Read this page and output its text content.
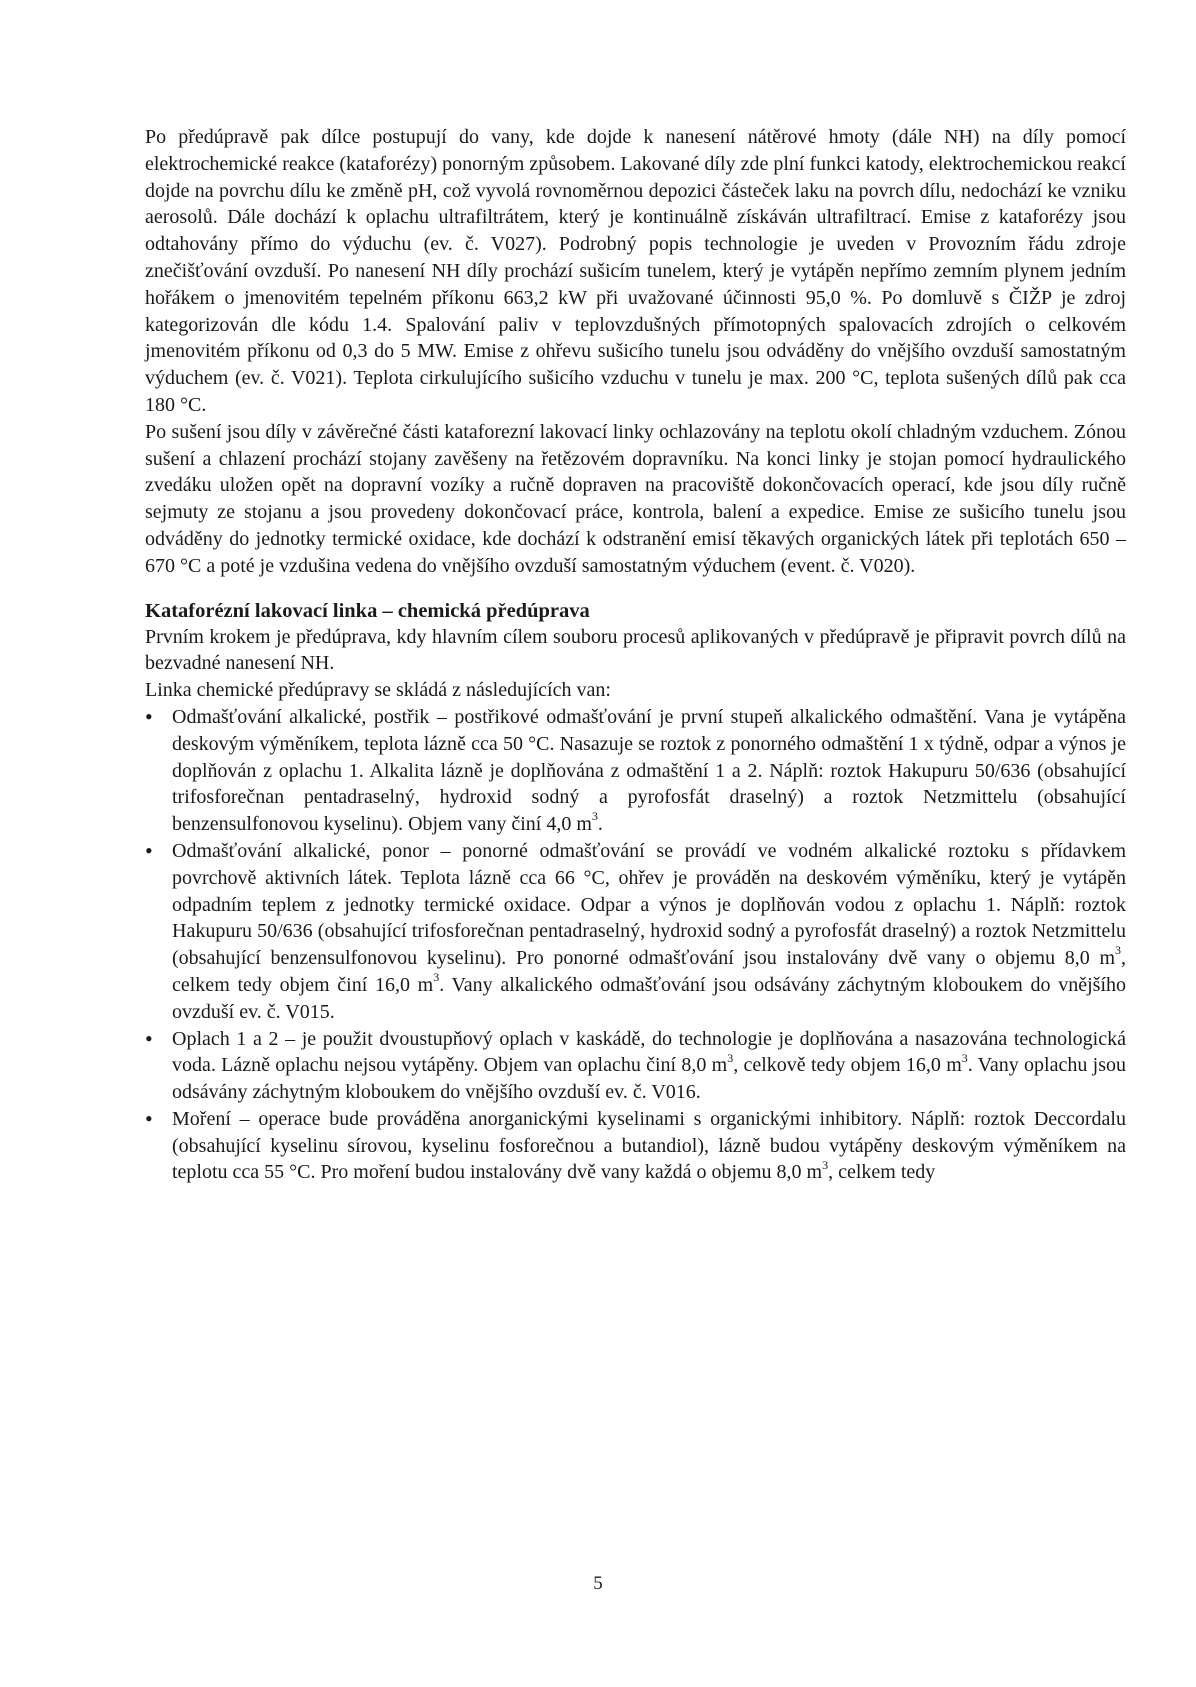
Po předúpravě pak dílce postupují do vany, kde dojde k nanesení nátěrové hmoty (dále NH) na díly pomocí elektrochemické reakce (kataforézy) ponorným způsobem. Lakované díly zde plní funkci katody, elektrochemickou reakcí dojde na povrchu dílu ke změně pH, což vyvolá rovnoměrnou depozici částeček laku na povrch dílu, nedochází ke vzniku aerosolů. Dále dochází k oplachu ultrafiltrátem, který je kontinuálně získáván ultrafiltrací. Emise z kataforézy jsou odtahovány přímo do výduchu (ev. č. V027). Podrobný popis technologie je uveden v Provozním řádu zdroje znečišťování ovzduší. Po nanesení NH díly prochází sušicím tunelem, který je vytápěn nepřímo zemním plynem jedním hořákem o jmenovitém tepelném příkonu 663,2 kW při uvažované účinnosti 95,0 %. Po domluvě s ČIŽP je zdroj kategorizován dle kódu 1.4. Spalování paliv v teplovzdušných přímotopných spalovacích zdrojích o celkovém jmenovitém příkonu od 0,3 do 5 MW. Emise z ohřevu sušicího tunelu jsou odváděny do vnějšího ovzduší samostatným výduchem (ev. č. V021). Teplota cirkulujícího sušicího vzduchu v tunelu je max. 200 °C, teplota sušených dílů pak cca 180 °C.

Po sušení jsou díly v závěrečné části kataforezní lakovací linky ochlazovány na teplotu okolí chladným vzduchem. Zónou sušení a chlazení prochází stojany zavěšeny na řetězovém dopravníku. Na konci linky je stojan pomocí hydraulického zvedáku uložen opět na dopravní vozíky a ručně dopraven na pracoviště dokončovacích operací, kde jsou díly ručně sejmuty ze stojanu a jsou provedeny dokončovací práce, kontrola, balení a expedice. Emise ze sušicího tunelu jsou odváděny do jednotky termické oxidace, kde dochází k odstranění emisí těkavých organických látek při teplotách 650 – 670 °C a poté je vzdušina vedena do vnějšího ovzduší samostatným výduchem (event. č. V020).

Kataforézní lakovací linka – chemická předúprava

Prvním krokem je předúprava, kdy hlavním cílem souboru procesů aplikovaných v předúpravě je připravit povrch dílů na bezvadné nanesení NH.

Linka chemické předúpravy se skládá z následujících van:

• Odmašťování alkalické, postřik – postřikové odmašťování je první stupeň alkalického odmaštění. Vana je vytápěna deskovým výměníkem, teplota lázně cca 50 °C. Nasazuje se roztok z ponorného odmaštění 1 x týdně, odpar a výnos je doplňován z oplachu 1. Alkalita lázně je doplňována z odmaštění 1 a 2. Náplň: roztok Hakupuru 50/636 (obsahující trifosforečnan pentadraselný, hydroxid sodný a pyrofosfát draselný) a roztok Netzmittelu (obsahující benzensulfonovou kyselinu). Objem vany činí 4,0 $m^3$.
• Odmašťování alkalické, ponor – ponorné odmašťování se provádí ve vodném alkalické roztoku s přídavkem povrchově aktivních látek. Teplota lázně cca 66 °C, ohřev je prováděn na deskovém výměníku, který je vytápěn odpadním teplem z jednotky termické oxidace. Odpar a výnos je doplňován vodou z oplachu 1. Náplň: roztok Hakupuru 50/636 (obsahující trifosforečnan pentadraselný, hydroxid sodný a pyrofosfát draselný) a roztok Netzmittelu (obsahující benzensulfonovou kyselinu). Pro ponorné odmašťování jsou instalovány dvě vany o objemu 8,0 $m^3$, celkem tedy objem činí 16,0 $m^3$. Vany alkalického odmašťování jsou odsávány záchytným kloboukem do vnějšího ovzduší ev. č. V015.
• Oplach 1 a 2 – je použit dvoustupňový oplach v kaskádě, do technologie je doplňována a nasazována technologická voda. Lázně oplachu nejsou vytápěny. Objem van oplachu činí 8,0 $m^3$, celkově tedy objem 16,0 $m^3$. Vany oplachu jsou odsávány záchytným kloboukem do vnějšího ovzduší ev. č. V016.
• Moření – operace bude prováděna anorganickými kyselinami s organickými inhibitory. Náplň: roztok Deccordalu (obsahující kyselinu sírovou, kyselinu fosforečnou a butandiol), lázně budou vytápěny deskovým výměníkem na teplotu cca 55 °C. Pro moření budou instalovány dvě vany každá o objemu 8,0 $m^3$, celkem tedy
5
